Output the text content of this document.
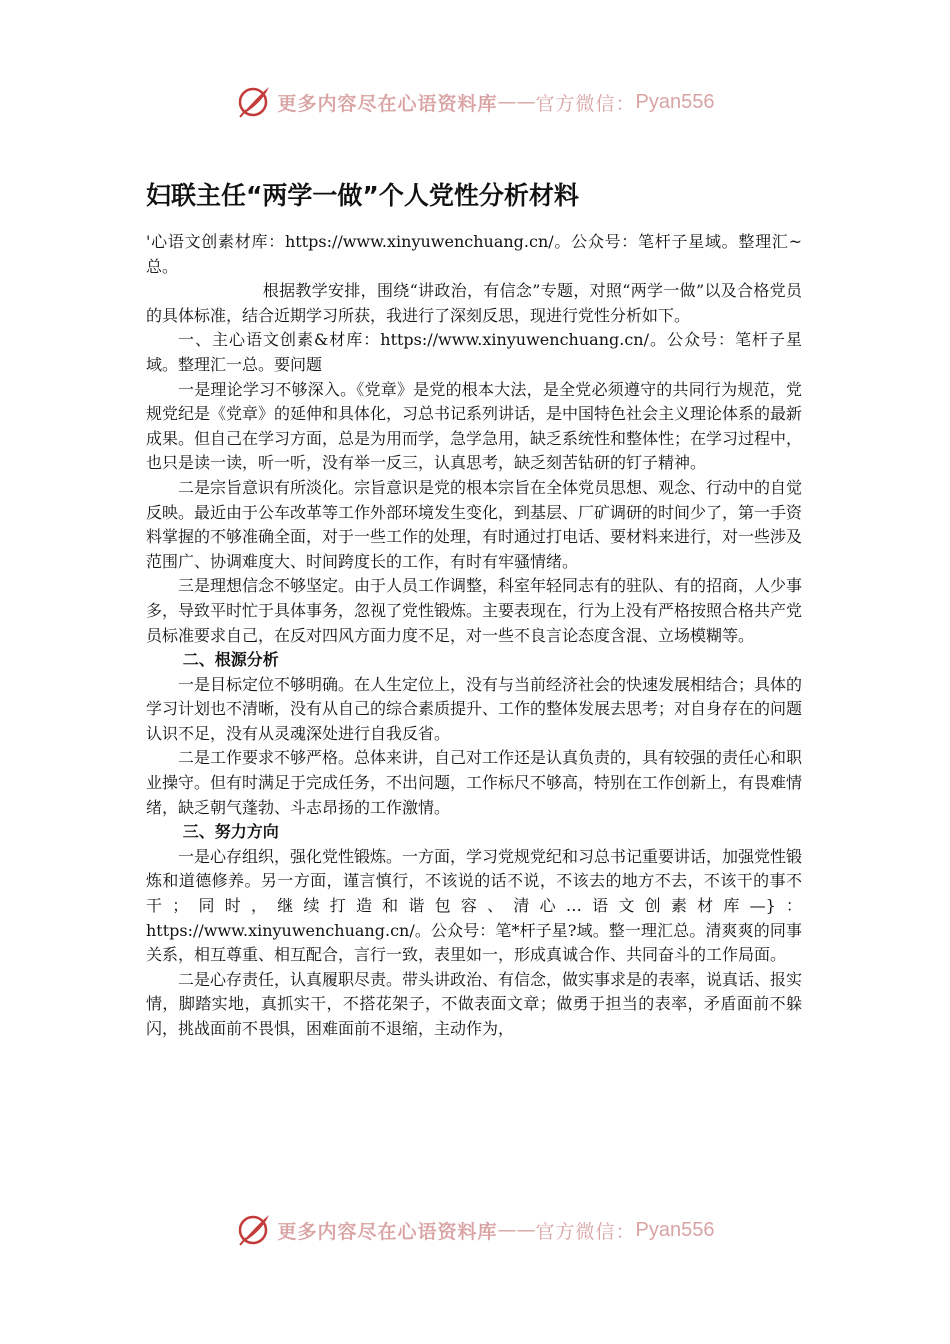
更多内容尽在心语资料库 —— 官方微信： Pyan556
妇联主任“两学一做”个人党性分析材料

'心语文创素材库：https://www.xinyuwenchuang.cn/。公众号：笔杆子星域。整理汇~总。

根据教学安排，围绕“讲政治，有信念”专题，对照“两学一做”以及合格党员的具体标准，结合近期学习所获，我进行了深刻反思，现进行党性分析如下。

一、主心语文创素&材库：https://www.xinyuwenchuang.cn/。公众号：笔杆子星域。整理汇一总。要问题

一是理论学习不够深入。《党章》是党的根本大法，是全党必须遵守的共同行为规范，党规党纪是《党章》的延伸和具体化，习总书记系列讲话，是中国特色社会主义理论体系的最新成果。但自己在学习方面，总是为用而学，急学急用，缺乏系统性和整体性；在学习过程中，也只是读一读，听一听，没有举一反三，认真思考，缺乏刻苦钻研的钉子精神。

二是宗旨意识有所淡化。宗旨意识是党的根本宗旨在全体党员思想、观念、行动中的自觉反映。最近由于公车改革等工作外部环境发生变化，到基层、厂矿调研的时间少了，第一手资料掌握的不够准确全面，对于一些工作的处理，有时通过打电话、要材料来进行，对一些涉及范围广、协调难度大、时间跨度长的工作，有时有牢骚情绪。

三是理想信念不够坚定。由于人员工作调整，科室年轻同志有的驻队、有的招商，人少事多，导致平时忙于具体事务，忽视了党性锻炼。主要表现在，行为上没有严格按照合格共产党员标准要求自己，在反对四风方面力度不足，对一些不良言论态度含混、立场模糊等。

二、根源分析

一是目标定位不够明确。在人生定位上，没有与当前经济社会的快速发展相结合；具体的学习计划也不清晰，没有从自己的综合素质提升、工作的整体发展去思考；对自身存在的问题认识不足，没有从灵魂深处进行自我反省。

二是工作要求不够严格。总体来讲，自己对工作还是认真负责的，具有较强的责任心和职业操守。但有时满足于完成任务，不出问题，工作标尺不够高，特别在工作创新上，有畏难情绪，缺乏朝气蓬勃、斗志昂扬的工作激情。

三、努力方向

一是心存组织，强化党性锻炼。一方面，学习党规党纪和习总书记重要讲话，加强党性锻炼和道德修养。另一方面，谨言慎行，不该说的话不说，不该去的地方不去，不该干的事不干；同时，继续打造和谐包容、清心…语文创素材库—}：https://www.xinyuwenchuang.cn/。公众号：笔*杆子星?域。整一理汇总。清爽爽的同事关系，相互尊重、相互配合，言行一致，表里如一，形成真诚合作、共同奋斗的工作局面。

二是心存责任，认真履职尽责。带头讲政治、有信念，做实事求是的表率，说真话、报实情，脚踏实地，真抓实干，不搭花架子，不做表面文章；做勇于担当的表率，矛盾面前不躲闪，挑战面前不畏惧，困难面前不退缩，主动作为，

更多内容尽在心语资料库 —— 官方微信： Pyan556
